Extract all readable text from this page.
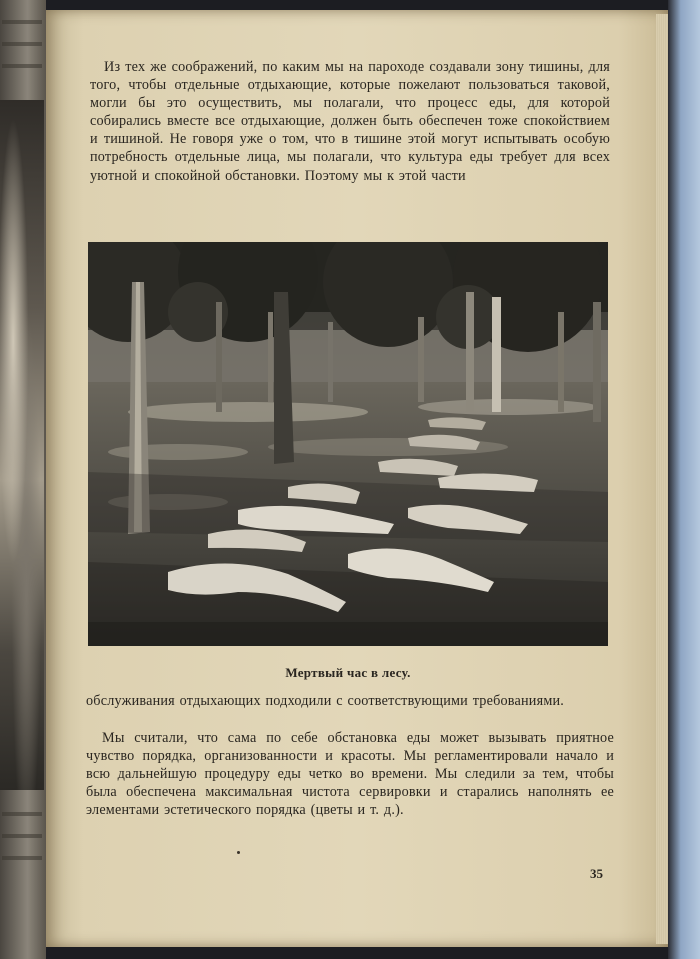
Из тех же соображений, по каким мы на пароходе создавали зону тишины, для того, чтобы отдельные отдыхающие, которые пожелают пользоваться таковой, могли бы это осуществить, мы полагали, что процесс еды, для которой собирались вместе все отдыхающие, должен быть обеспечен тоже спокойствием и тишиной. Не говоря уже о том, что в тишине этой могут испытывать особую потребность отдельные лица, мы полагали, что культура еды требует для всех уютной и спокойной обстановки. Поэтому мы к этой части

Мертвый час в лесу.

обслуживания отдыхающих подходили с соответствующими требованиями.

Мы считали, что сама по себе обстановка еды может вызывать приятное чувство порядка, организованности и красоты. Мы регламентировали начало и всю дальнейшую процедуру еды четко во времени. Мы следили за тем, чтобы была обеспечена максимальная чистота сервировки и старались наполнять ее элементами эстетического порядка (цветы и т. д.).

35
